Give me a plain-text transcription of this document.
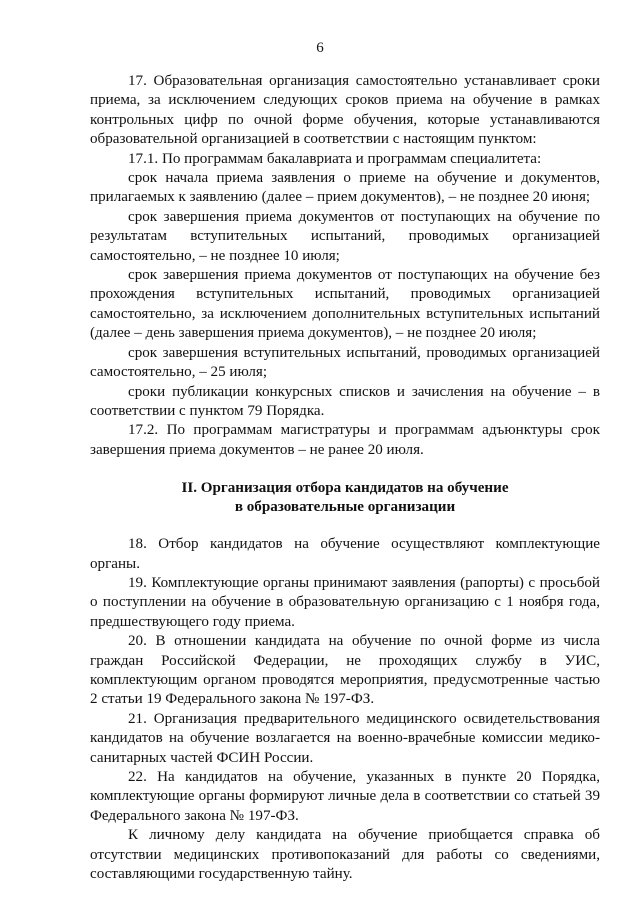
6

17. Образовательная организация самостоятельно устанавливает сроки приема, за исключением следующих сроков приема на обучение в рамках контрольных цифр по очной форме обучения, которые устанавливаются образовательной организацией в соответствии с настоящим пунктом:

17.1. По программам бакалавриата и программам специалитета:

срок начала приема заявления о приеме на обучение и документов, прилагаемых к заявлению (далее – прием документов), – не позднее 20 июня;

срок завершения приема документов от поступающих на обучение по результатам вступительных испытаний, проводимых организацией самостоятельно, – не позднее 10 июля;

срок завершения приема документов от поступающих на обучение без прохождения вступительных испытаний, проводимых организацией самостоятельно, за исключением дополнительных вступительных испытаний (далее – день завершения приема документов), – не позднее 20 июля;

срок завершения вступительных испытаний, проводимых организацией самостоятельно, – 25 июля;

сроки публикации конкурсных списков и зачисления на обучение – в соответствии с пунктом 79 Порядка.

17.2. По программам магистратуры и программам адъюнктуры срок завершения приема документов – не ранее 20 июля.

II. Организация отбора кандидатов на обучение
в образовательные организации

18. Отбор кандидатов на обучение осуществляют комплектующие органы.

19. Комплектующие органы принимают заявления (рапорты) с просьбой о поступлении на обучение в образовательную организацию с 1 ноября года, предшествующего году приема.

20. В отношении кандидата на обучение по очной форме из числа граждан Российской Федерации, не проходящих службу в УИС, комплектующим органом проводятся мероприятия, предусмотренные частью 2 статьи 19 Федерального закона № 197-ФЗ.

21. Организация предварительного медицинского освидетельствования кандидатов на обучение возлагается на военно-врачебные комиссии медико-санитарных частей ФСИН России.

22. На кандидатов на обучение, указанных в пункте 20 Порядка, комплектующие органы формируют личные дела в соответствии со статьей 39 Федерального закона № 197-ФЗ.

К личному делу кандидата на обучение приобщается справка об отсутствии медицинских противопоказаний для работы со сведениями, составляющими государственную тайну.
